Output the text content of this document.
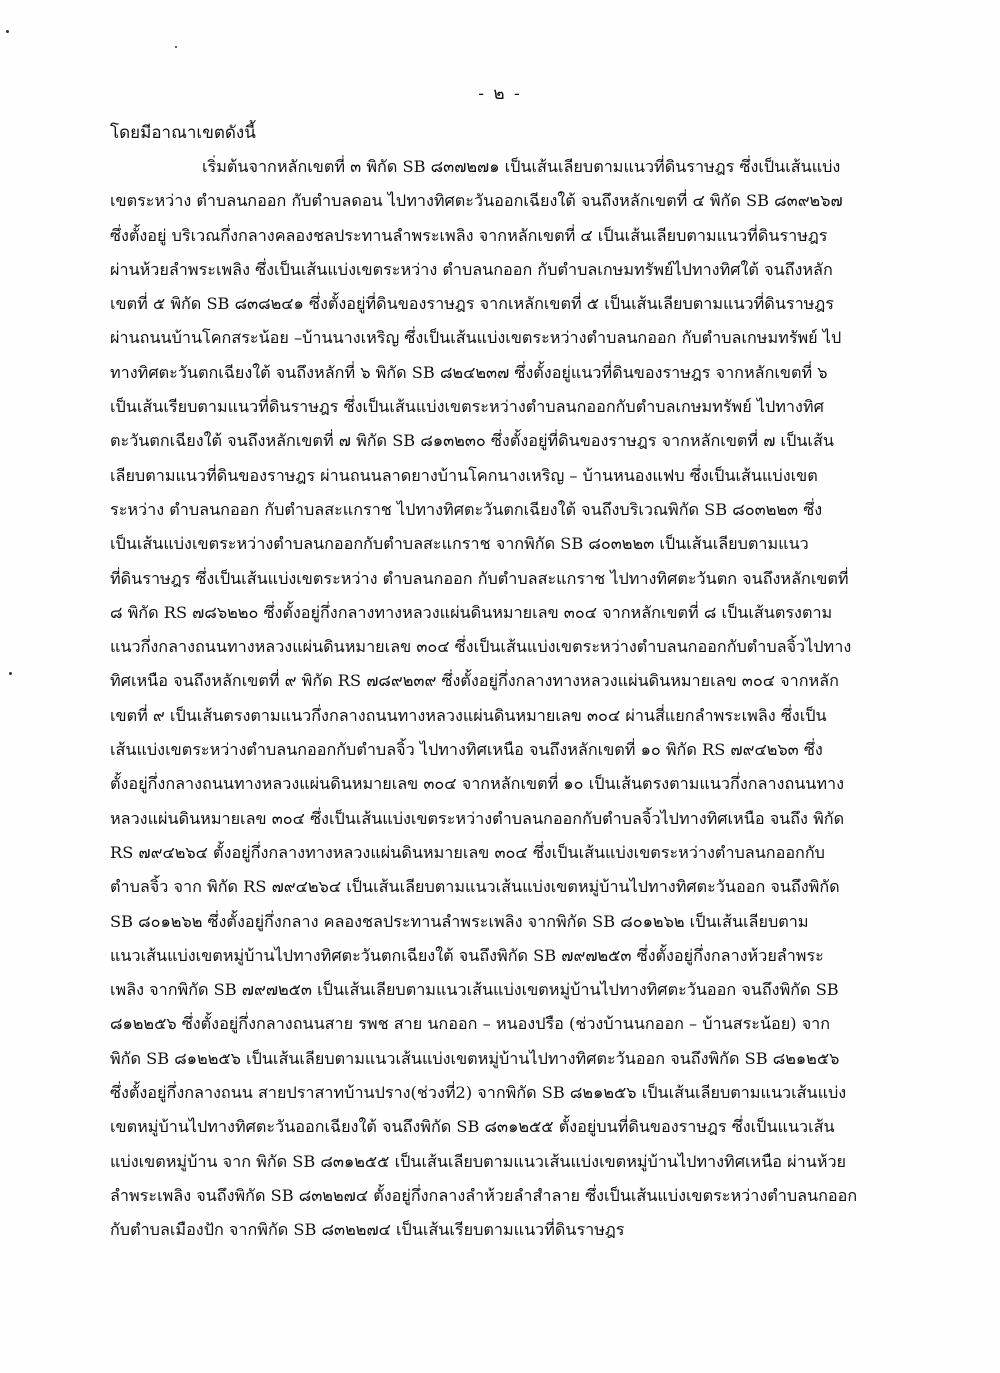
- ๒ -
โดยมีอาณาเขตดังนี้
เริ่มต้นจากหลักเขตที่ ๓ พิกัด SB ๘๓๗๒๗๑ เป็นเส้นเลียบตามแนวที่ดินราษฎร ซึ่งเป็นเส้นแบ่ง
เขตระหว่าง ตำบลนกออก กับตำบลดอน ไปทางทิศตะวันออกเฉียงใต้ จนถึงหลักเขตที่ ๔ พิกัด SB ๘๓๙๒๖๗
ซึ่งตั้งอยู่ บริเวณกึ่งกลางคลองชลประทานลำพระเพลิง จากหลักเขตที่ ๔ เป็นเส้นเลียบตามแนวที่ดินราษฎร
ผ่านห้วยลำพระเพลิง ซึ่งเป็นเส้นแบ่งเขตระหว่าง ตำบลนกออก กับตำบลเกษมทรัพย์ไปทางทิศใต้ จนถึงหลัก
เขตที่ ๕ พิกัด SB ๘๓๘๒๔๑ ซึ่งตั้งอยู่ที่ดินของราษฎร จากเหลักเขตที่ ๕ เป็นเส้นเลียบตามแนวที่ดินราษฎร
ผ่านถนนบ้านโคกสระน้อย –บ้านนางเหริญ ซึ่งเป็นเส้นแบ่งเขตระหว่างตำบลนกออก กับตำบลเกษมทรัพย์ ไป
ทางทิศตะวันตกเฉียงใต้ จนถึงหลักที่ ๖ พิกัด SB ๘๒๔๒๓๗ ซึ่งตั้งอยู่แนวที่ดินของราษฎร จากหลักเขตที่ ๖
เป็นเส้นเรียบตามแนวที่ดินราษฎร ซึ่งเป็นเส้นแบ่งเขตระหว่างตำบลนกออกกับตำบลเกษมทรัพย์ ไปทางทิศ
ตะวันตกเฉียงใต้ จนถึงหลักเขตที่ ๗ พิกัด SB ๘๑๓๒๓๐ ซึ่งตั้งอยู่ที่ดินของราษฎร จากหลักเขตที่ ๗ เป็นเส้น
เลียบตามแนวที่ดินของราษฎร ผ่านถนนลาดยางบ้านโคกนางเหริญ – บ้านหนองแฟบ ซึ่งเป็นเส้นแบ่งเขต
ระหว่าง ตำบลนกออก กับตำบลสะแกราช ไปทางทิศตะวันตกเฉียงใต้ จนถึงบริเวณพิกัด SB ๘๐๓๒๒๓ ซึ่ง
เป็นเส้นแบ่งเขตระหว่างตำบลนกออกกับตำบลสะแกราช จากพิกัด SB ๘๐๓๒๒๓ เป็นเส้นเลียบตามแนว
ที่ดินราษฎร ซึ่งเป็นเส้นแบ่งเขตระหว่าง ตำบลนกออก กับตำบลสะแกราช ไปทางทิศตะวันตก จนถึงหลักเขตที่
๘ พิกัด RS ๗๘๖๒๒๐ ซึ่งตั้งอยู่กึ่งกลางทางหลวงแผ่นดินหมายเลข ๓๐๔ จากหลักเขตที่ ๘ เป็นเส้นตรงตาม
แนวกึ่งกลางถนนทางหลวงแผ่นดินหมายเลข ๓๐๔ ซึ่งเป็นเส้นแบ่งเขตระหว่างตำบลนกออกกับตำบลจิ้วไปทาง
ทิศเหนือ จนถึงหลักเขตที่ ๙ พิกัด RS ๗๘๙๒๓๙ ซึ่งตั้งอยู่กึ่งกลางทางหลวงแผ่นดินหมายเลข ๓๐๔ จากหลัก
เขตที่ ๙ เป็นเส้นตรงตามแนวกึ่งกลางถนนทางหลวงแผ่นดินหมายเลข ๓๐๔ ผ่านสี่แยกลำพระเพลิง ซึ่งเป็น
เส้นแบ่งเขตระหว่างตำบลนกออกกับตำบลจิ้ว ไปทางทิศเหนือ จนถึงหลักเขตที่ ๑๐ พิกัด RS ๗๙๔๒๖๓ ซึ่ง
ตั้งอยู่กึ่งกลางถนนทางหลวงแผ่นดินหมายเลข ๓๐๔ จากหลักเขตที่ ๑๐ เป็นเส้นตรงตามแนวกึ่งกลางถนนทาง
หลวงแผ่นดินหมายเลข ๓๐๔ ซึ่งเป็นเส้นแบ่งเขตระหว่างตำบลนกออกกับตำบลจิ้วไปทางทิศเหนือ จนถึง พิกัด
RS ๗๙๔๒๖๔ ตั้งอยู่กึ่งกลางทางหลวงแผ่นดินหมายเลข ๓๐๔ ซึ่งเป็นเส้นแบ่งเขตระหว่างตำบลนกออกกับ
ตำบลจิ้ว จาก พิกัด RS ๗๙๔๒๖๔ เป็นเส้นเลียบตามแนวเส้นแบ่งเขตหมู่บ้านไปทางทิศตะวันออก จนถึงพิกัด
SB ๘๐๑๒๖๒ ซึ่งตั้งอยู่กึ่งกลาง คลองชลประทานลำพระเพลิง จากพิกัด SB ๘๐๑๒๖๒ เป็นเส้นเลียบตาม
แนวเส้นแบ่งเขตหมู่บ้านไปทางทิศตะวันตกเฉียงใต้ จนถึงพิกัด SB ๗๙๗๒๕๓ ซึ่งตั้งอยู่กึ่งกลางห้วยลำพระ
เพลิง จากพิกัด SB ๗๙๗๒๕๓ เป็นเส้นเลียบตามแนวเส้นแบ่งเขตหมู่บ้านไปทางทิศตะวันออก จนถึงพิกัด SB
๘๑๒๒๕๖ ซึ่งตั้งอยู่กึ่งกลางถนนสาย รพช สาย นกออก – หนองปรือ (ช่วงบ้านนกออก – บ้านสระน้อย) จาก
พิกัด SB ๘๑๒๒๕๖ เป็นเส้นเลียบตามแนวเส้นแบ่งเขตหมู่บ้านไปทางทิศตะวันออก จนถึงพิกัด SB ๘๒๑๒๕๖
ซึ่งตั้งอยู่กึ่งกลางถนน สายปราสาทบ้านปราง(ช่วงที่2) จากพิกัด SB ๘๒๑๒๕๖ เป็นเส้นเลียบตามแนวเส้นแบ่ง
เขตหมู่บ้านไปทางทิศตะวันออกเฉียงใต้ จนถึงพิกัด SB ๘๓๑๒๕๕ ตั้งอยู่บนที่ดินของราษฎร ซึ่งเป็นแนวเส้น
แบ่งเขตหมู่บ้าน จาก พิกัด SB ๘๓๑๒๕๕ เป็นเส้นเลียบตามแนวเส้นแบ่งเขตหมู่บ้านไปทางทิศเหนือ ผ่านห้วย
ลำพระเพลิง จนถึงพิกัด SB ๘๓๒๒๗๔ ตั้งอยู่กึ่งกลางลำห้วยลำสำลาย ซึ่งเป็นเส้นแบ่งเขตระหว่างตำบลนกออก
กับตำบลเมืองปัก จากพิกัด SB ๘๓๒๒๗๔ เป็นเส้นเรียบตามแนวที่ดินราษฎร
